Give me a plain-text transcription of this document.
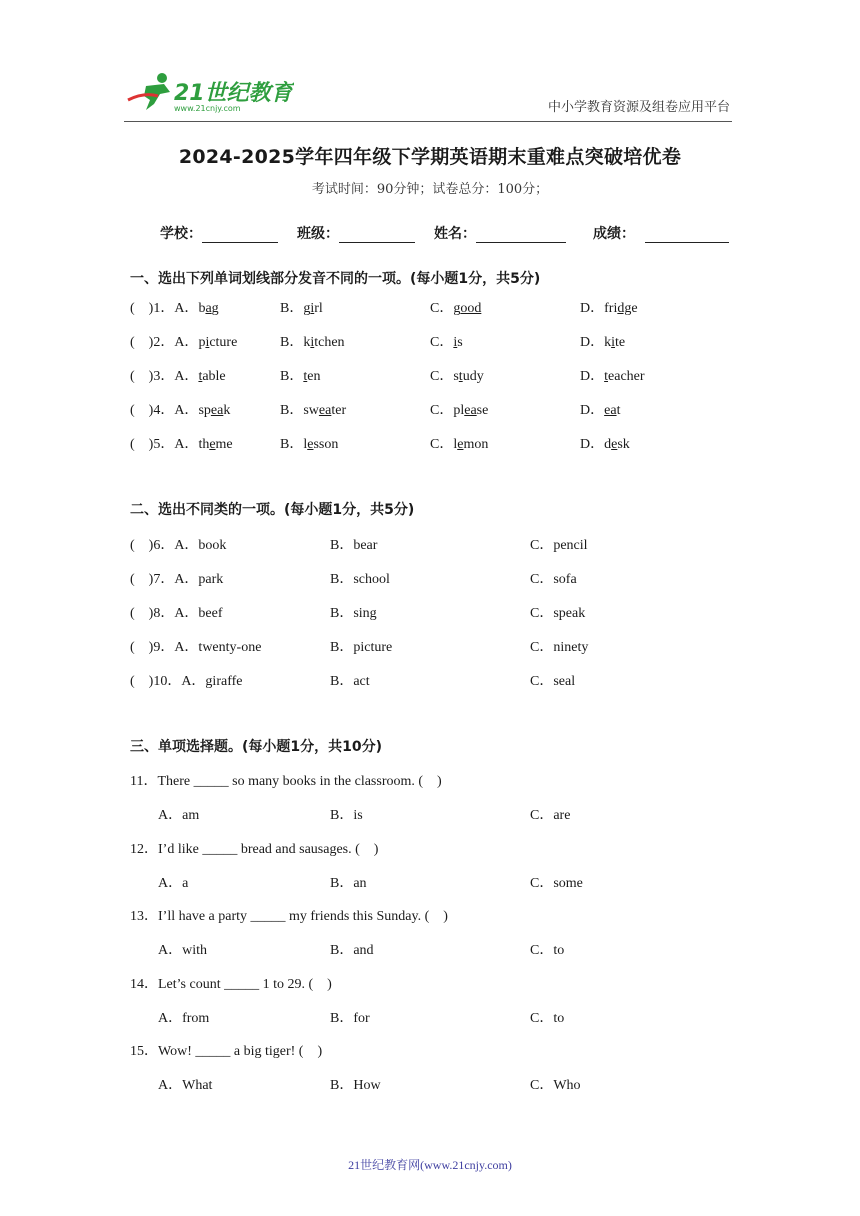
21世纪教育
www.21cnjy.com	中小学教育资源及组卷应用平台
2024-2025学年四年级下学期英语期末重难点突破培优卷
考试时间：90分钟；试卷总分：100分；
学校：	班级：	姓名：	成绩：
一、选出下列单词划线部分发音不同的一项。(每小题1分，共5分)
(　)1．A．bag	B．girl	C．good	D．fridge
(　)2．A．picture	B．kitchen	C．is	D．kite
(　)3．A．table	B．ten	C．study	D．teacher
(　)4．A．speak	B．sweater	C．please	D．eat
(　)5．A．theme	B．lesson	C．lemon	D．desk
二、选出不同类的一项。(每小题1分，共5分)
(　)6．A．book	B．bear	C．pencil
(　)7．A．park	B．school	C．sofa
(　)8．A．beef	B．sing	C．speak
(　)9．A．twenty-one	B．picture	C．ninety
(　)10．A．giraffe	B．act	C．seal
三、单项选择题。(每小题1分，共10分)
11．There _____ so many books in the classroom. (　)
A．am	B．is	C．are
12．I’d like _____ bread and sausages. (　)
A．a	B．an	C．some
13．I’ll have a party _____ my friends this Sunday. (　)
A．with	B．and	C．to
14．Let’s count _____ 1 to 29. (　)
A．from	B．for	C．to
15．Wow! _____ a big tiger! (　)
A．What	B．How	C．Who
21世纪教育网(www.21cnjy.com)
